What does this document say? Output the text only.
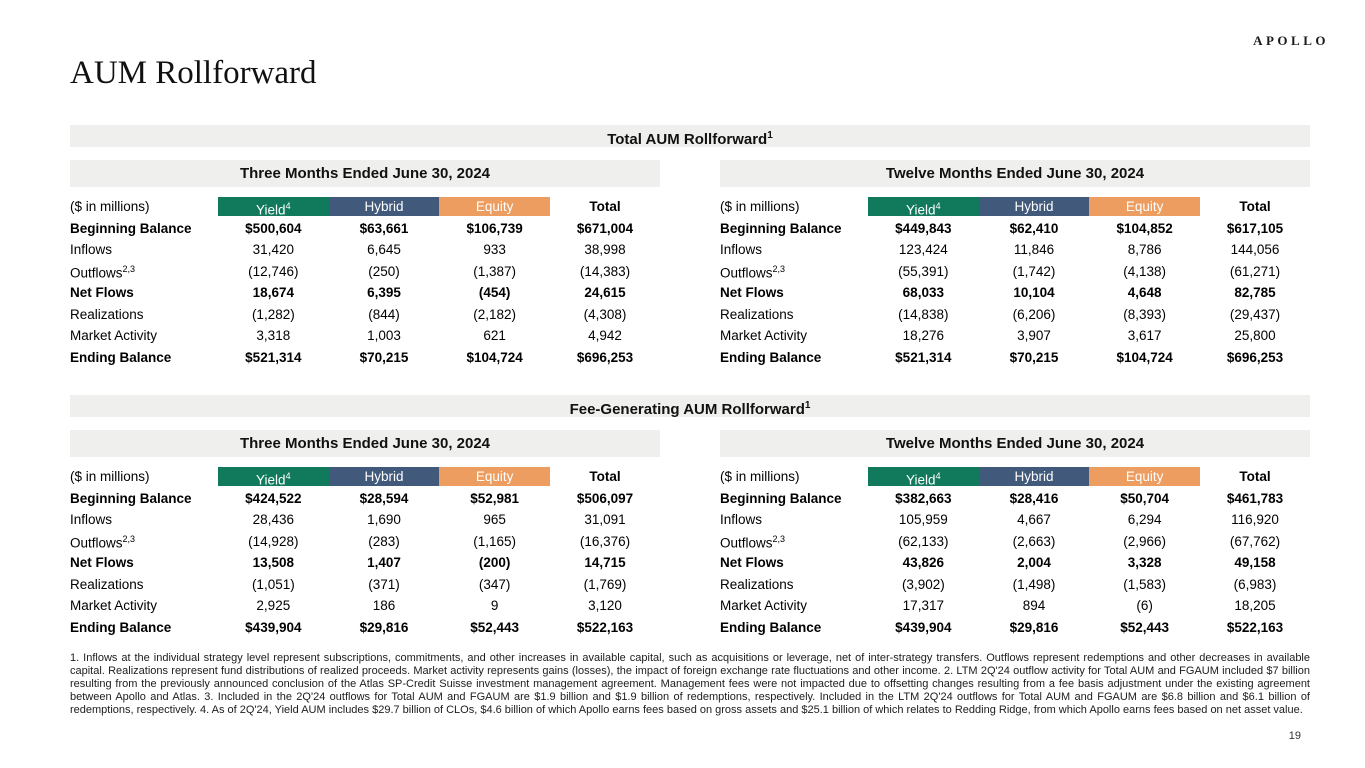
APOLLO
AUM Rollforward
Total AUM Rollforward$^1$
Three Months Ended June 30, 2024
($ in millions)	Yield$^4$	Hybrid	Equity	Total
Beginning Balance	$500,604	$63,661	$106,739	$671,004
Inflows	31,420	6,645	933	38,998
Outflows$^{2,3}$	(12,746)	(250)	(1,387)	(14,383)
Net Flows	18,674	6,395	(454)	24,615
Realizations	(1,282)	(844)	(2,182)	(4,308)
Market Activity	3,318	1,003	621	4,942
Ending Balance	$521,314	$70,215	$104,724	$696,253
Twelve Months Ended June 30, 2024
($ in millions)	Yield$^4$	Hybrid	Equity	Total
Beginning Balance	$449,843	$62,410	$104,852	$617,105
Inflows	123,424	11,846	8,786	144,056
Outflows$^{2,3}$	(55,391)	(1,742)	(4,138)	(61,271)
Net Flows	68,033	10,104	4,648	82,785
Realizations	(14,838)	(6,206)	(8,393)	(29,437)
Market Activity	18,276	3,907	3,617	25,800
Ending Balance	$521,314	$70,215	$104,724	$696,253
Fee-Generating AUM Rollforward$^1$
Three Months Ended June 30, 2024
($ in millions)	Yield$^4$	Hybrid	Equity	Total
Beginning Balance	$424,522	$28,594	$52,981	$506,097
Inflows	28,436	1,690	965	31,091
Outflows$^{2,3}$	(14,928)	(283)	(1,165)	(16,376)
Net Flows	13,508	1,407	(200)	14,715
Realizations	(1,051)	(371)	(347)	(1,769)
Market Activity	2,925	186	9	3,120
Ending Balance	$439,904	$29,816	$52,443	$522,163
Twelve Months Ended June 30, 2024
($ in millions)	Yield$^4$	Hybrid	Equity	Total
Beginning Balance	$382,663	$28,416	$50,704	$461,783
Inflows	105,959	4,667	6,294	116,920
Outflows$^{2,3}$	(62,133)	(2,663)	(2,966)	(67,762)
Net Flows	43,826	2,004	3,328	49,158
Realizations	(3,902)	(1,498)	(1,583)	(6,983)
Market Activity	17,317	894	(6)	18,205
Ending Balance	$439,904	$29,816	$52,443	$522,163

1. Inflows at the individual strategy level represent subscriptions, commitments, and other increases in available capital, such as acquisitions or leverage, net of inter-strategy transfers. Outflows represent redemptions and other decreases in available capital. Realizations represent fund distributions of realized proceeds. Market activity represents gains (losses), the impact of foreign exchange rate fluctuations and other income. 2. LTM 2Q'24 outflow activity for Total AUM and FGAUM included $7 billion resulting from the previously announced conclusion of the Atlas SP-Credit Suisse investment management agreement. Management fees were not impacted due to offsetting changes resulting from a fee basis adjustment under the existing agreement between Apollo and Atlas. 3. Included in the 2Q'24 outflows for Total AUM and FGAUM are $1.9 billion and $1.9 billion of redemptions, respectively. Included in the LTM 2Q'24 outflows for Total AUM and FGAUM are $6.8 billion and $6.1 billion of redemptions, respectively. 4. As of 2Q'24, Yield AUM includes $29.7 billion of CLOs, $4.6 billion of which Apollo earns fees based on gross assets and $25.1 billion of which relates to Redding Ridge, from which Apollo earns fees based on net asset value.

19
